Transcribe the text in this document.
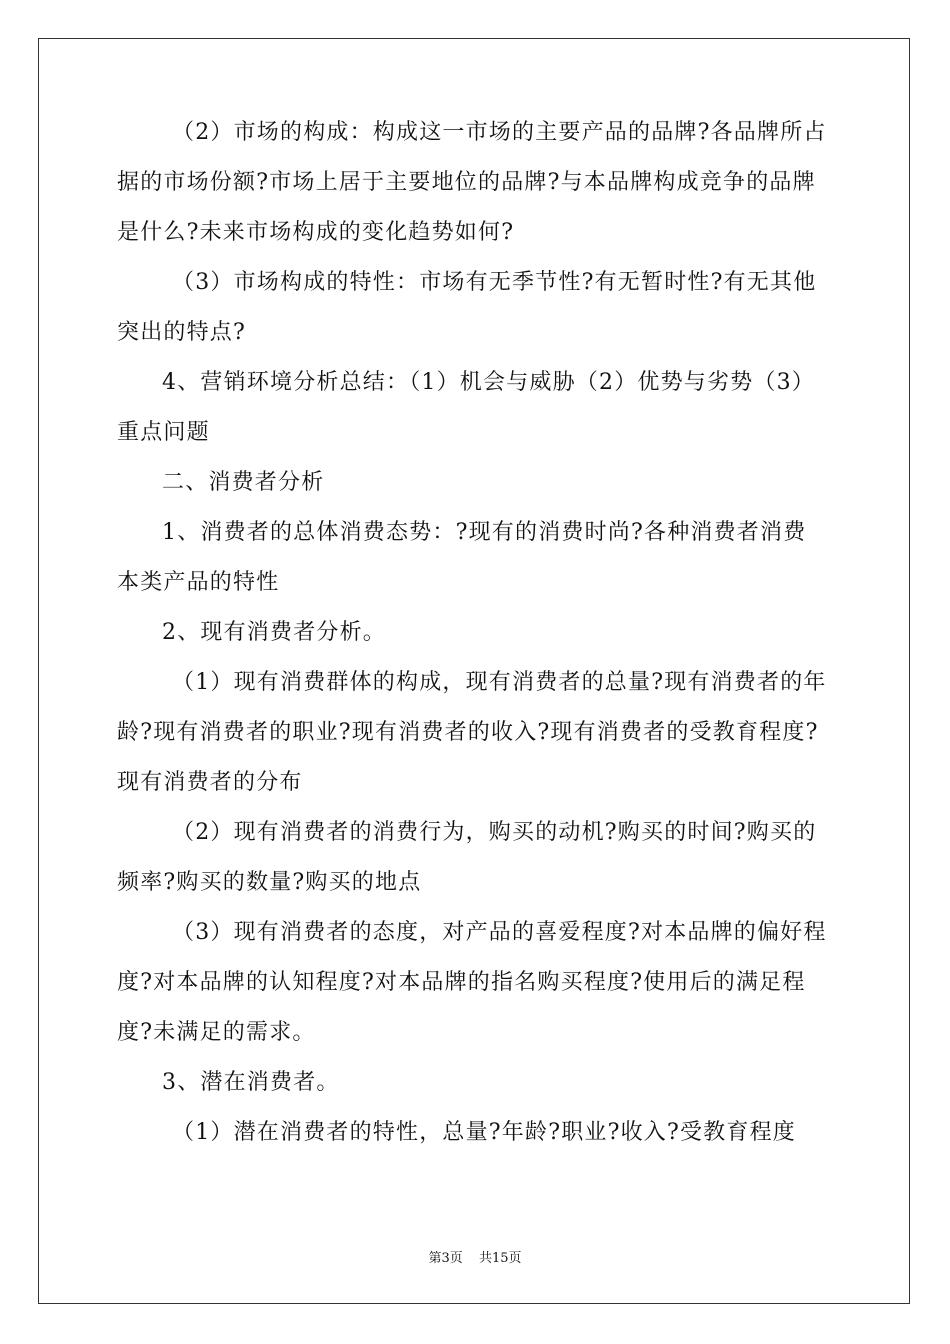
（2）市场的构成：构成这一市场的主要产品的品牌?各品牌所占
据的市场份额?市场上居于主要地位的品牌?与本品牌构成竞争的品牌
是什么?未来市场构成的变化趋势如何?
（3）市场构成的特性：市场有无季节性?有无暂时性?有无其他
突出的特点?
4、营销环境分析总结：（1）机会与威胁（2）优势与劣势（3）
重点问题
二、消费者分析
1、消费者的总体消费态势：?现有的消费时尚?各种消费者消费
本类产品的特性
2、现有消费者分析。
（1）现有消费群体的构成，现有消费者的总量?现有消费者的年
龄?现有消费者的职业?现有消费者的收入?现有消费者的受教育程度?
现有消费者的分布
（2）现有消费者的消费行为，购买的动机?购买的时间?购买的
频率?购买的数量?购买的地点
（3）现有消费者的态度，对产品的喜爱程度?对本品牌的偏好程
度?对本品牌的认知程度?对本品牌的指名购买程度?使用后的满足程
度?未满足的需求。
3、潜在消费者。
（1）潜在消费者的特性，总量?年龄?职业?收入?受教育程度
第3页 共15页
